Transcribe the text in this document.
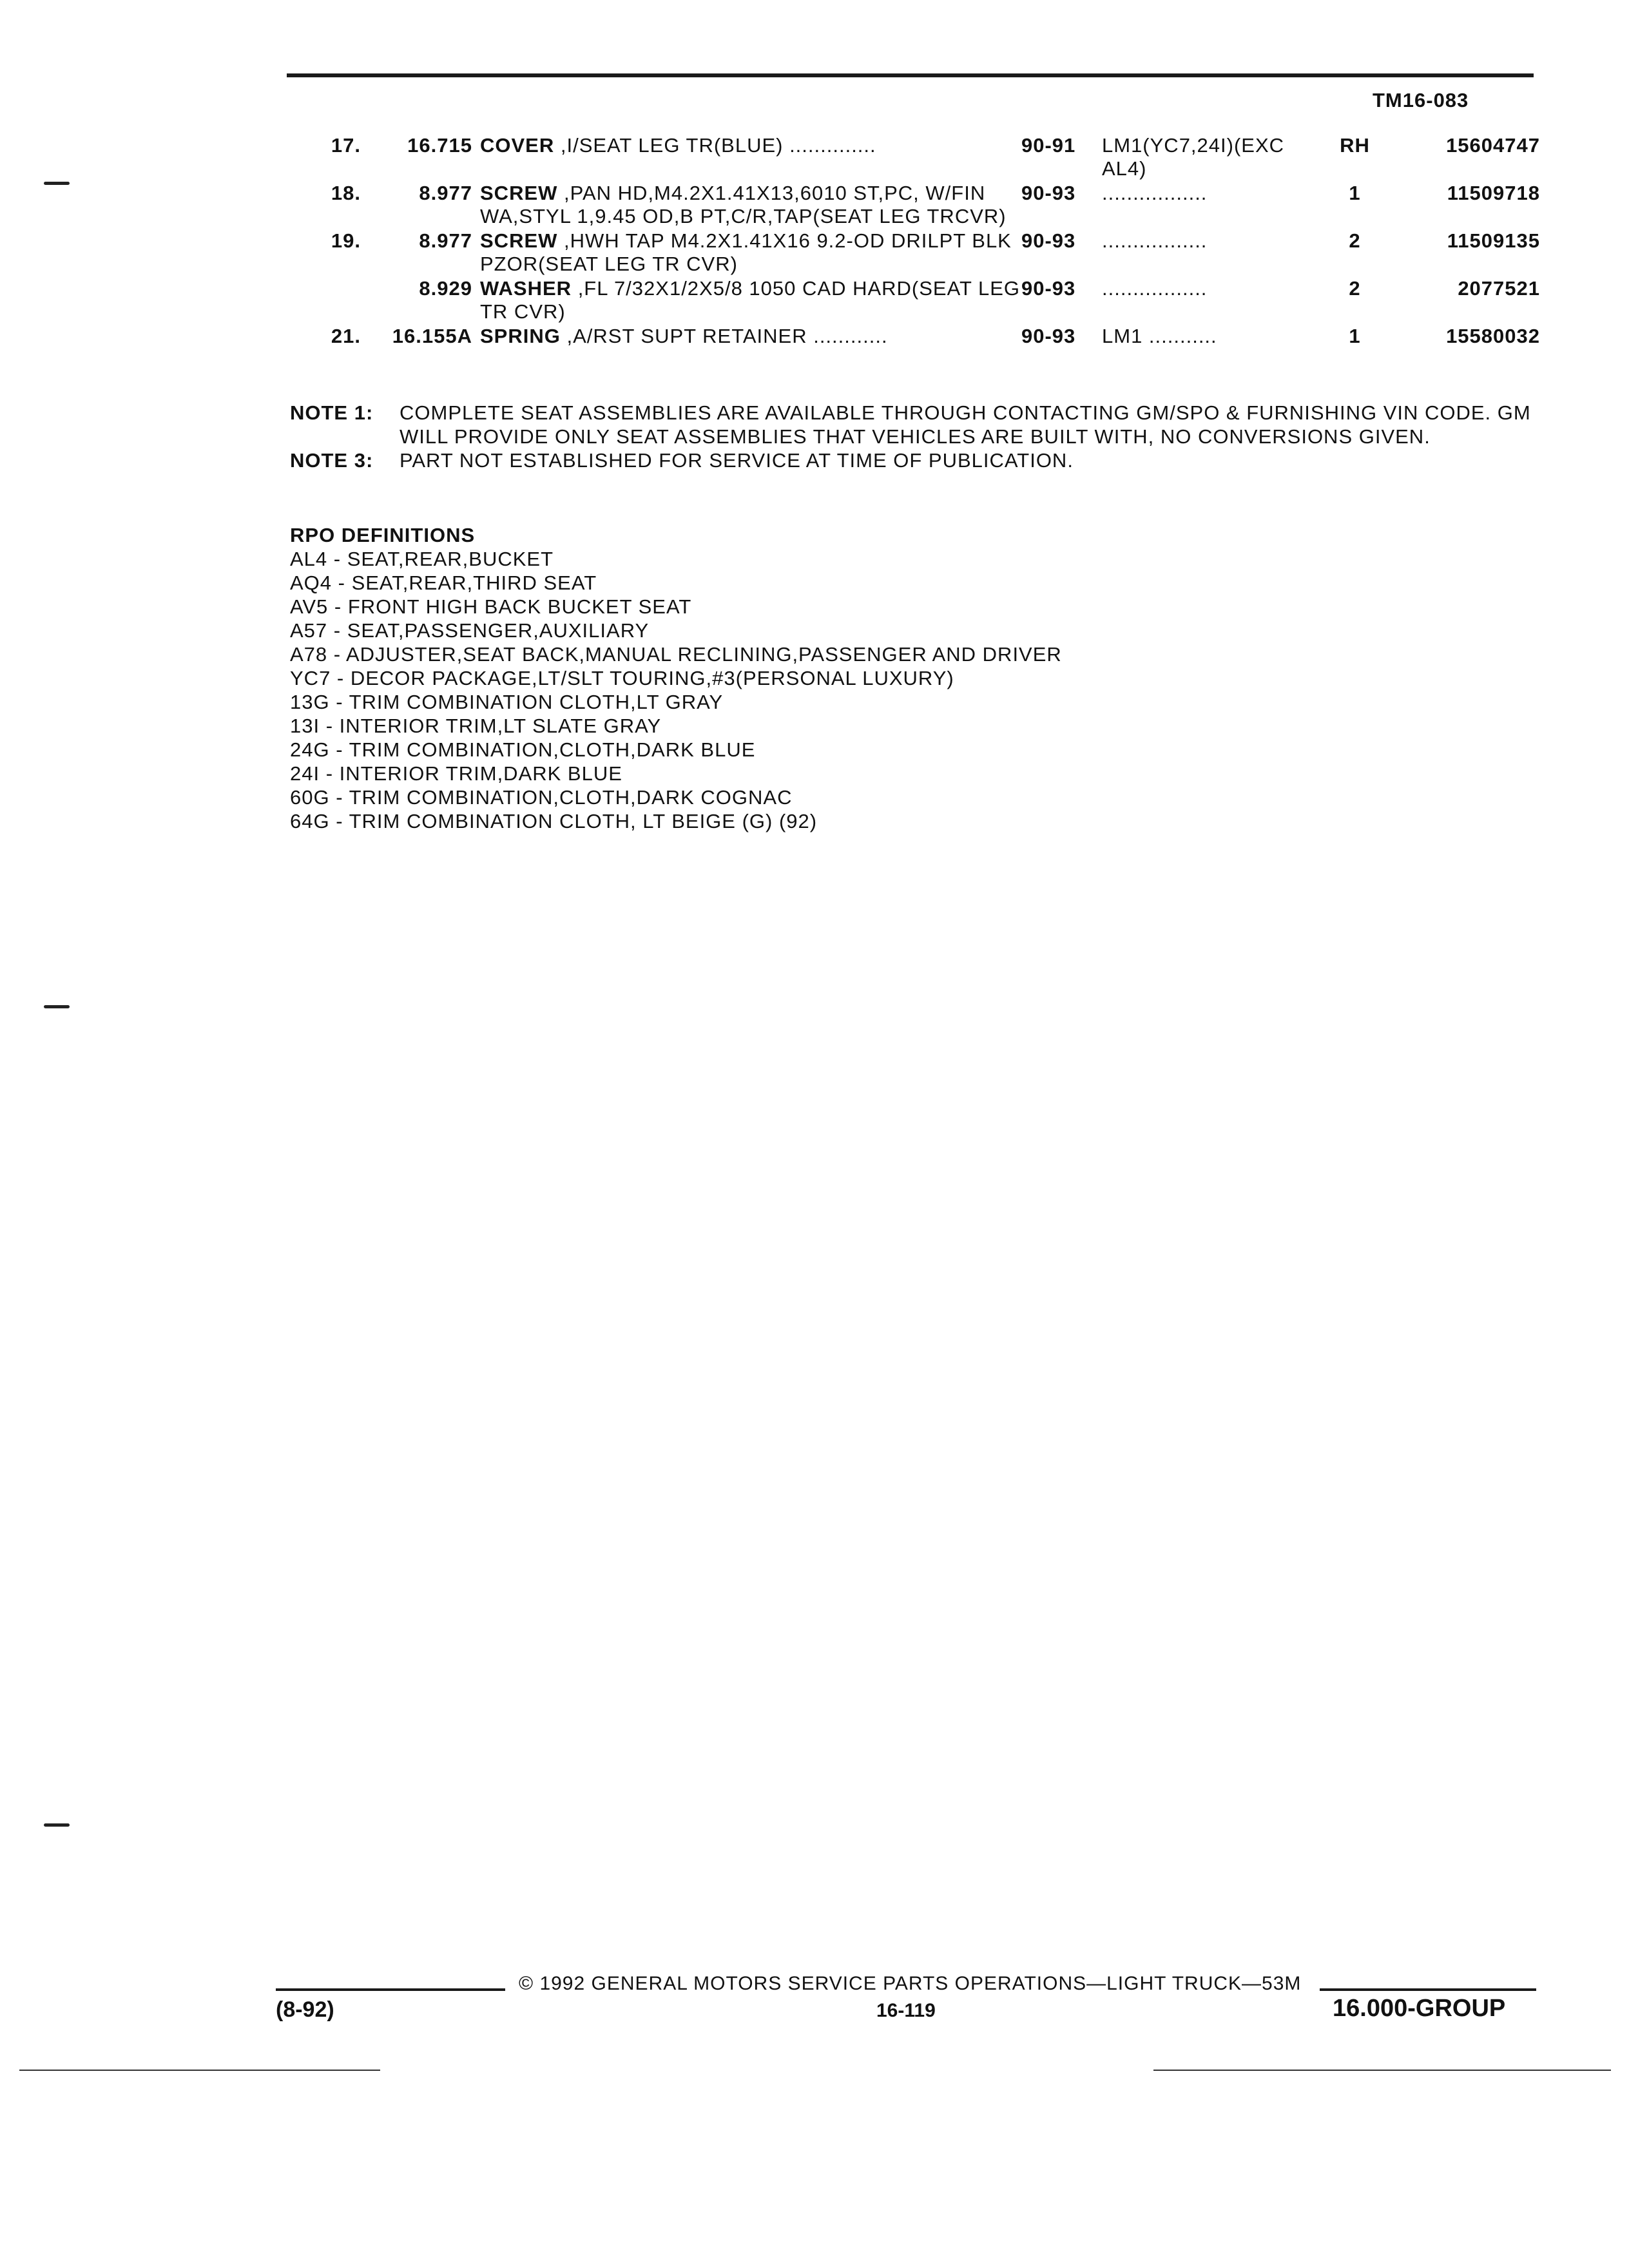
TM16-083
17.	16.715	COVER ,I/SEAT LEG TR(BLUE) ..............	90-91	LM1(YC7,24I)(EXC AL4)	RH	15604747
18.	8.977	SCREW ,PAN HD,M4.2X1.41X13,6010 ST,PC, W/FIN WA,STYL 1,9.45 OD,B PT,C/R,TAP(SEAT LEG TRCVR)	90-93	.................	1	11509718
19.	8.977	SCREW ,HWH TAP M4.2X1.41X16 9.2-OD DRILPT BLK PZOR(SEAT LEG TR CVR)	90-93	.................	2	11509135
	8.929	WASHER ,FL 7/32X1/2X5/8 1050 CAD HARD(SEAT LEG TR CVR)	90-93	.................	2	2077521
21.	16.155A	SPRING ,A/RST SUPT RETAINER ............	90-93	LM1 ...........	1	15580032
NOTE 1:	COMPLETE SEAT ASSEMBLIES ARE AVAILABLE THROUGH CONTACTING GM/SPO & FURNISHING VIN CODE. GM WILL PROVIDE ONLY SEAT ASSEMBLIES THAT VEHICLES ARE BUILT WITH, NO CONVERSIONS GIVEN.
NOTE 3:	PART NOT ESTABLISHED FOR SERVICE AT TIME OF PUBLICATION.
RPO DEFINITIONS
AL4 - SEAT,REAR,BUCKET
AQ4 - SEAT,REAR,THIRD SEAT
AV5 - FRONT HIGH BACK BUCKET SEAT
A57 - SEAT,PASSENGER,AUXILIARY
A78 - ADJUSTER,SEAT BACK,MANUAL RECLINING,PASSENGER AND DRIVER
YC7 - DECOR PACKAGE,LT/SLT TOURING,#3(PERSONAL LUXURY)
13G - TRIM COMBINATION CLOTH,LT GRAY
13I - INTERIOR TRIM,LT SLATE GRAY
24G - TRIM COMBINATION,CLOTH,DARK BLUE
24I - INTERIOR TRIM,DARK BLUE
60G - TRIM COMBINATION,CLOTH,DARK COGNAC
64G - TRIM COMBINATION CLOTH, LT BEIGE (G) (92)
© 1992 GENERAL MOTORS SERVICE PARTS OPERATIONS—LIGHT TRUCK—53M
(8-92)	16-119	16.000-GROUP
